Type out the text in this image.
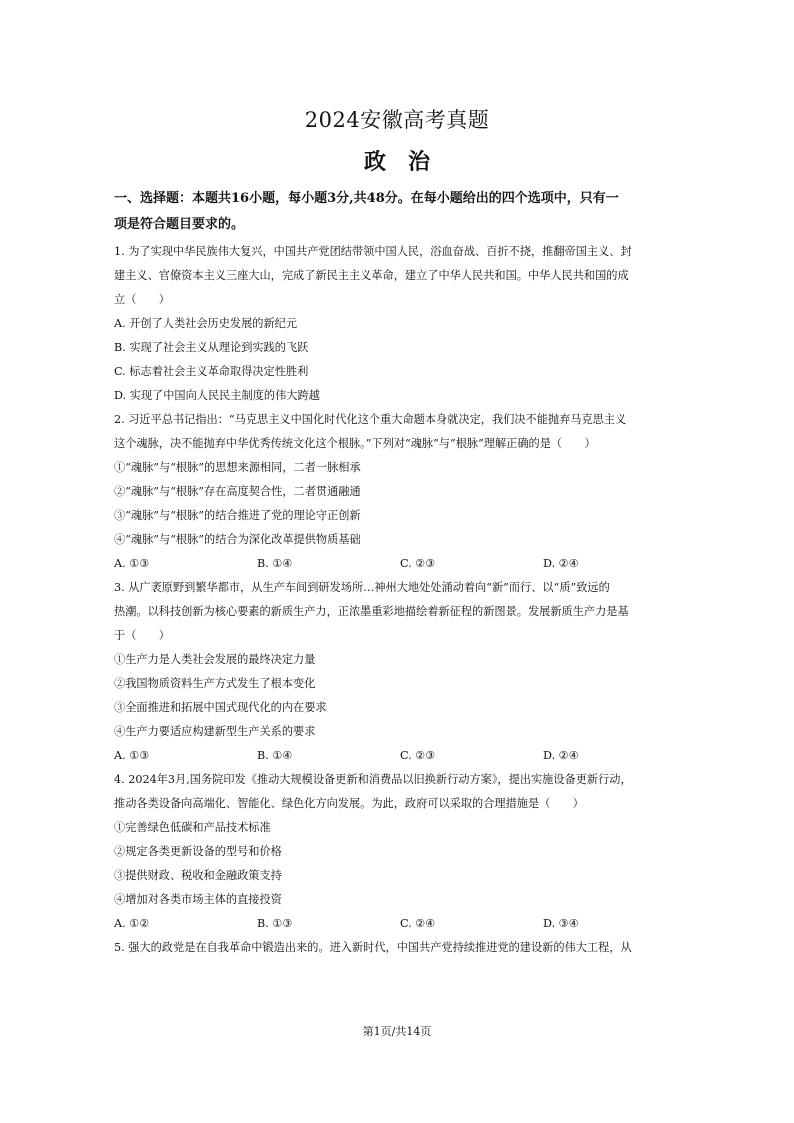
2024安徽高考真题
政　治
一、选择题：本题共16小题，每小题3分,共48分。在每小题给出的四个选项中，只有一
项是符合题目要求的。
1. 为了实现中华民族伟大复兴，中国共产党团结带领中国人民，浴血奋战、百折不挠，推翻帝国主义、封
建主义、官僚资本主义三座大山，完成了新民主主义革命，建立了中华人民共和国。中华人民共和国的成
立（　　）
A. 开创了人类社会历史发展的新纪元
B. 实现了社会主义从理论到实践的飞跃
C. 标志着社会主义革命取得决定性胜利
D. 实现了中国向人民民主制度的伟大跨越
2. 习近平总书记指出：“马克思主义中国化时代化这个重大命题本身就决定，我们决不能抛弃马克思主义
这个魂脉，决不能抛弃中华优秀传统文化这个根脉。”下列对“魂脉”与“根脉”理解正确的是（　　）
①“魂脉”与“根脉”的思想来源相同，二者一脉相承
②“魂脉”与“根脉”存在高度契合性，二者贯通融通
③“魂脉”与“根脉”的结合推进了党的理论守正创新
④“魂脉”与“根脉”的结合为深化改革提供物质基础
A. ①③	B. ①④	C. ②③	D. ②④
3. 从广袤原野到繁华都市，从生产车间到研发场所…神州大地处处涌动着向“新”而行、以“质”致远的
热潮。以科技创新为核心要素的新质生产力，正浓墨重彩地描绘着新征程的新图景。发展新质生产力是基
于（　　）
①生产力是人类社会发展的最终决定力量
②我国物质资料生产方式发生了根本变化
③全面推进和拓展中国式现代化的内在要求
④生产力要适应构建新型生产关系的要求
A. ①③	B. ①④	C. ②③	D. ②④
4. 2024年3月,国务院印发《推动大规模设备更新和消费品以旧换新行动方案》，提出实施设备更新行动，
推动各类设备向高端化、智能化、绿色化方向发展。为此，政府可以采取的合理措施是（　　）
①完善绿色低碳和产品技术标准
②规定各类更新设备的型号和价格
③提供财政、税收和金融政策支持
④增加对各类市场主体的直接投资
A. ①②	B. ①③	C. ②④	D. ③④
5. 强大的政党是在自我革命中锻造出来的。进入新时代，中国共产党持续推进党的建设新的伟大工程，从
第1页/共14页
